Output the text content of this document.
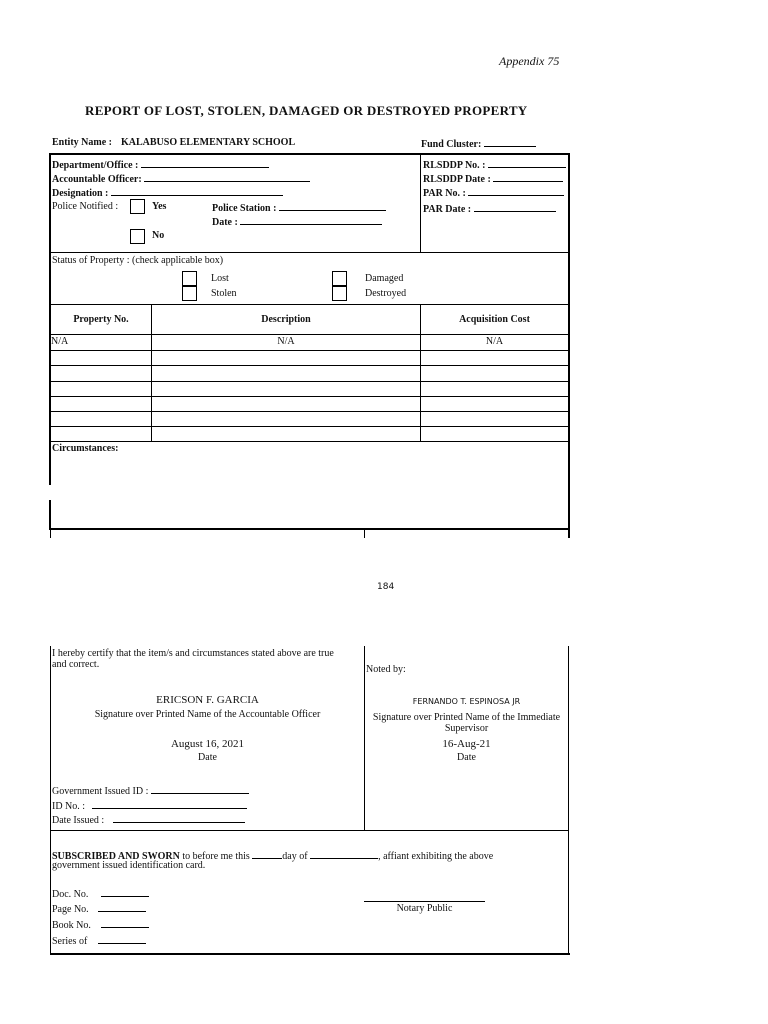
Appendix 75
REPORT OF LOST, STOLEN, DAMAGED OR DESTROYED PROPERTY
Entity Name : KALABUSO ELEMENTARY SCHOOL	Fund Cluster:
Department/Office :
Accountable Officer:
Designation :
Police Notified :	Yes
No
Police Station :
Date :
RLSDDP No. :
RLSDDP Date :
PAR No. :
PAR Date :
Status of Property : (check applicable box)
Lost
Stolen
Damaged
Destroyed
Property No.	Description	Acquisition Cost
N/A	N/A	N/A
Circumstances:
184
I hereby certify that the item/s and circumstances stated above are true
and correct.
ERICSON F. GARCIA
Signature over Printed Name of the Accountable Officer
August 16, 2021
Date
Government Issued ID :
ID No. :
Date Issued :
Noted by:
FERNANDO T. ESPINOSA JR
Signature over Printed Name of the Immediate
Supervisor
16-Aug-21
Date
SUBSCRIBED AND SWORN to before me this	day of	, affiant exhibiting the above
government issued identification card.
Doc. No.
Page No.
Book No.
Series of
Notary Public
